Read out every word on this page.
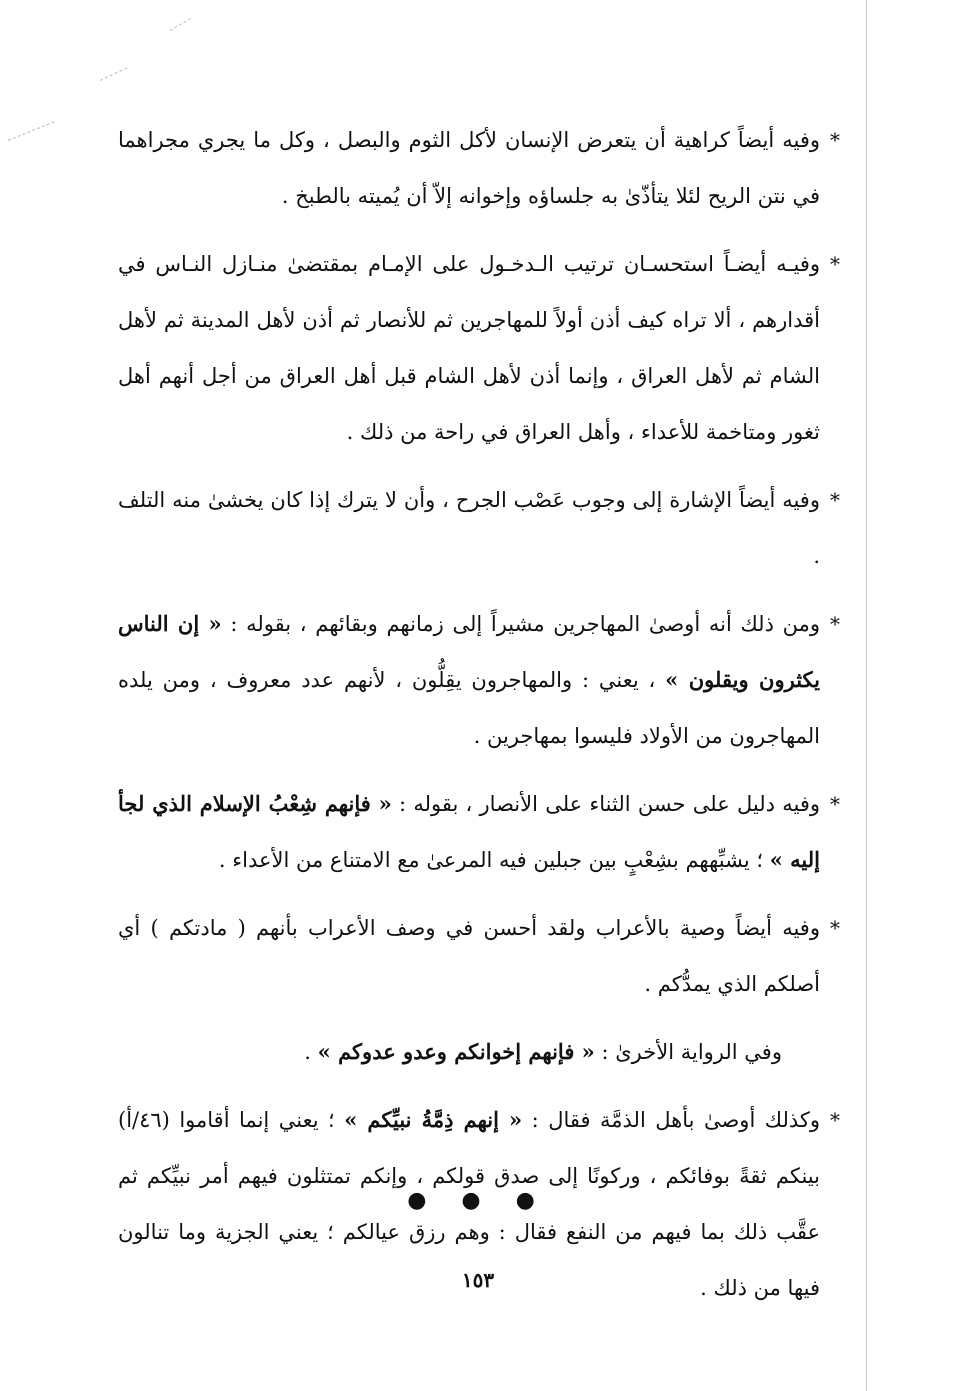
*
وفيه أيضاً كراهية أن يتعرض الإنسان لأكل الثوم والبصل ، وكل ما يجري مجراهما في نتن الريح لئلا يتأذّىٰ به جلساؤه وإخوانه إلاّ أن يُميته بالطبخ .

*
وفيـه أيضـاً استحسـان ترتيب الـدخـول على الإمـام بمقتضىٰ منـازل النـاس في أقدارهم ، ألا تراه كيف أذن أولاً للمهاجرين ثم للأنصار ثم أذن لأهل المدينة ثم لأهل الشام ثم لأهل العراق ، وإنما أذن لأهل الشام قبل أهل العراق من أجل أنهم أهل ثغور ومتاخمة للأعداء ، وأهل العراق في راحة من ذلك .

*
وفيه أيضاً الإشارة إلى وجوب عَصْب الجرح ، وأن لا يترك إذا كان يخشىٰ منه التلف .

*
ومن ذلك أنه أوصىٰ المهاجرين مشيراً إلى زمانهم وبقائهم ، بقوله : « إن الناس يكثرون ويقلون » ، يعني : والمهاجرون يقِلُّون ، لأنهم عدد معروف ، ومن يلده المهاجرون من الأولاد فليسوا بمهاجرين .

*
وفيه دليل على حسن الثناء على الأنصار ، بقوله : « فإنهم شِعْبُ الإسلام الذي لجأ إليه » ؛ يشبِّههم بشِعْبٍ بين جبلين فيه المرعىٰ مع الامتناع من الأعداء .

*
وفيه أيضاً وصية بالأعراب ولقد أحسن في وصف الأعراب بأنهم ( مادتكم ) أي أصلكم الذي يمدُّكم .

وفي الرواية الأخرىٰ : « فإنهم إخوانكم وعدو عدوكم » .

*
وكذلك أوصىٰ بأهل الذمَّة فقال : « إنهم ذِمَّةُ نبيِّكم » ؛ يعني إنما أقاموا (٤٦/أ) بينكم ثقةً بوفائكم ، وركونًا إلى صدق قولكم ، وإنكم تمتثلون فيهم أمر نبيِّكم ثم عقَّب ذلك بما فيهم من النفع فقال : وهم رزق عيالكم ؛ يعني الجزية وما تنالون فيها من ذلك .

● ● ●
١٥٣
